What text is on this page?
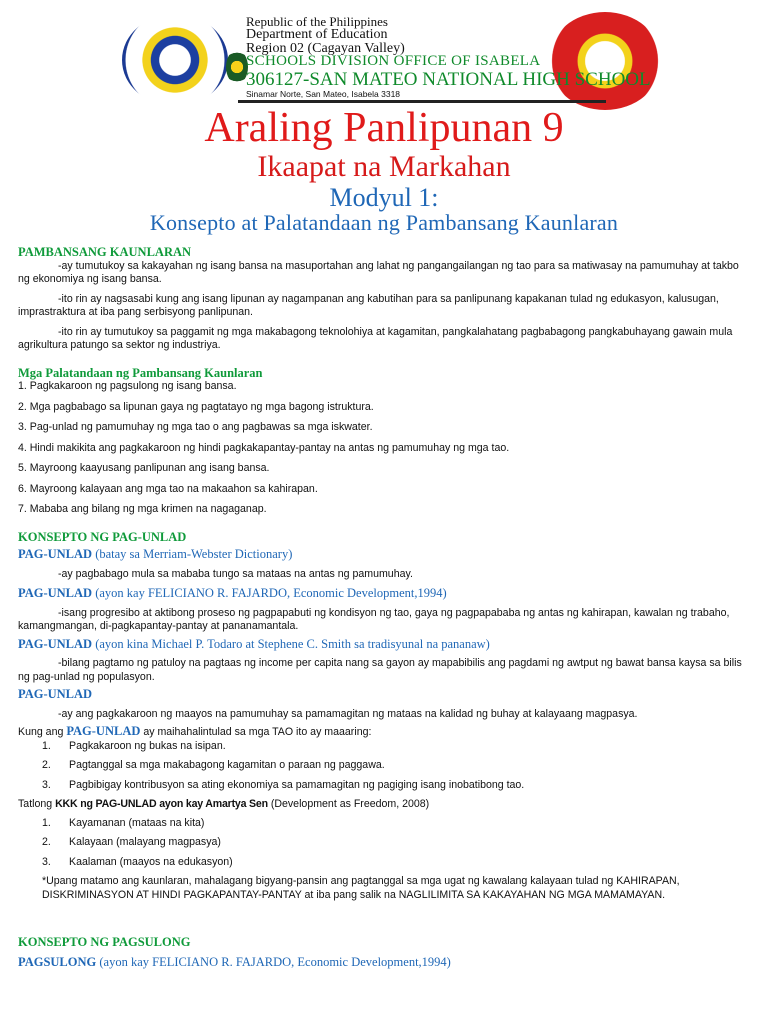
Republic of the Philippines
Department of Education
Region 02 (Cagayan Valley)
SCHOOLS DIVISION OFFICE OF ISABELA
306127-SAN MATEO NATIONAL HIGH SCHOOL
Sinamar Norte, San Mateo, Isabela 3318
Araling Panlipunan 9
Ikaapat na Markahan
Modyul 1:
Konsepto at Palatandaan ng Pambansang Kaunlaran
PAMBANSANG KAUNLARAN

-ay tumutukoy sa kakayahan ng isang bansa na masuportahan ang lahat ng pangangailangan ng tao para sa matiwasay na pamumuhay at takbo ng ekonomiya ng isang bansa.

-ito rin ay nagsasabi kung ang isang lipunan ay nagampanan ang kabutihan para sa panlipunang kapakanan tulad ng edukasyon, kalusugan, imprastraktura at iba pang serbisyong panlipunan.

-ito rin ay tumutukoy sa paggamit ng mga makabagong teknolohiya at kagamitan, pangkalahatang pagbabagong pangkabuhayang gawain mula agrikultura patungo sa sektor ng industriya.

Mga Palatandaan ng Pambansang Kaunlaran

1. Pagkakaroon ng pagsulong ng isang bansa.

2. Mga pagbabago sa lipunan gaya ng pagtatayo ng mga bagong istruktura.

3. Pag-unlad ng pamumuhay ng mga tao o ang pagbawas sa mga iskwater.

4. Hindi makikita ang pagkakaroon ng hindi pagkakapantay-pantay na antas ng pamumuhay ng mga tao.

5. Mayroong kaayusang panlipunan ang isang bansa.

6. Mayroong kalayaan ang mga tao na makaahon sa kahirapan.

7. Mababa ang bilang ng mga krimen na nagaganap.

KONSEPTO NG PAG-UNLAD
PAG-UNLAD (batay sa Merriam-Webster Dictionary)

-ay pagbabago mula sa mababa tungo sa mataas na antas ng pamumuhay.

PAG-UNLAD (ayon kay FELICIANO R. FAJARDO, Economic Development,1994)

-isang progresibo at aktibong proseso ng pagpapabuti ng kondisyon ng tao, gaya ng pagpapababa ng antas ng kahirapan, kawalan ng trabaho, kamangmangan, di-pagkapantay-pantay at pananamantala.

PAG-UNLAD (ayon kina Michael P. Todaro at Stephene C. Smith sa tradisyunal na pananaw)

-bilang pagtamo ng patuloy na pagtaas ng income per capita nang sa gayon ay mapabibilis ang pagdami ng awtput ng bawat bansa kaysa sa bilis ng pag-unlad ng populasyon.

PAG-UNLAD

-ay ang pagkakaroon ng maayos na pamumuhay sa pamamagitan ng mataas na kalidad ng buhay at kalayaang magpasya.

Kung ang PAG-UNLAD ay maihahalintulad sa mga TAO ito ay maaaring:

1. Pagkakaroon ng bukas na isipan.
2. Pagtanggal sa mga makabagong kagamitan o paraan ng paggawa.
3. Pagbibigay kontribusyon sa ating ekonomiya sa pamamagitan ng pagiging isang inobatibong tao.

Tatlong KKK ng PAG-UNLAD ayon kay Amartya Sen (Development as Freedom, 2008)

1. Kayamanan (mataas na kita)
2. Kalayaan (malayang magpasya)
3. Kaalaman (maayos na edukasyon)

*Upang matamo ang kaunlaran, mahalagang bigyang-pansin ang pagtanggal sa mga ugat ng kawalang kalayaan tulad ng KAHIRAPAN, DISKRIMINASYON AT HINDI PAGKAPANTAY-PANTAY at iba pang salik na NAGLILIMITA SA KAKAYAHAN NG MGA MAMAMAYAN.

KONSEPTO NG PAGSULONG
PAGSULONG (ayon kay FELICIANO R. FAJARDO, Economic Development,1994)
